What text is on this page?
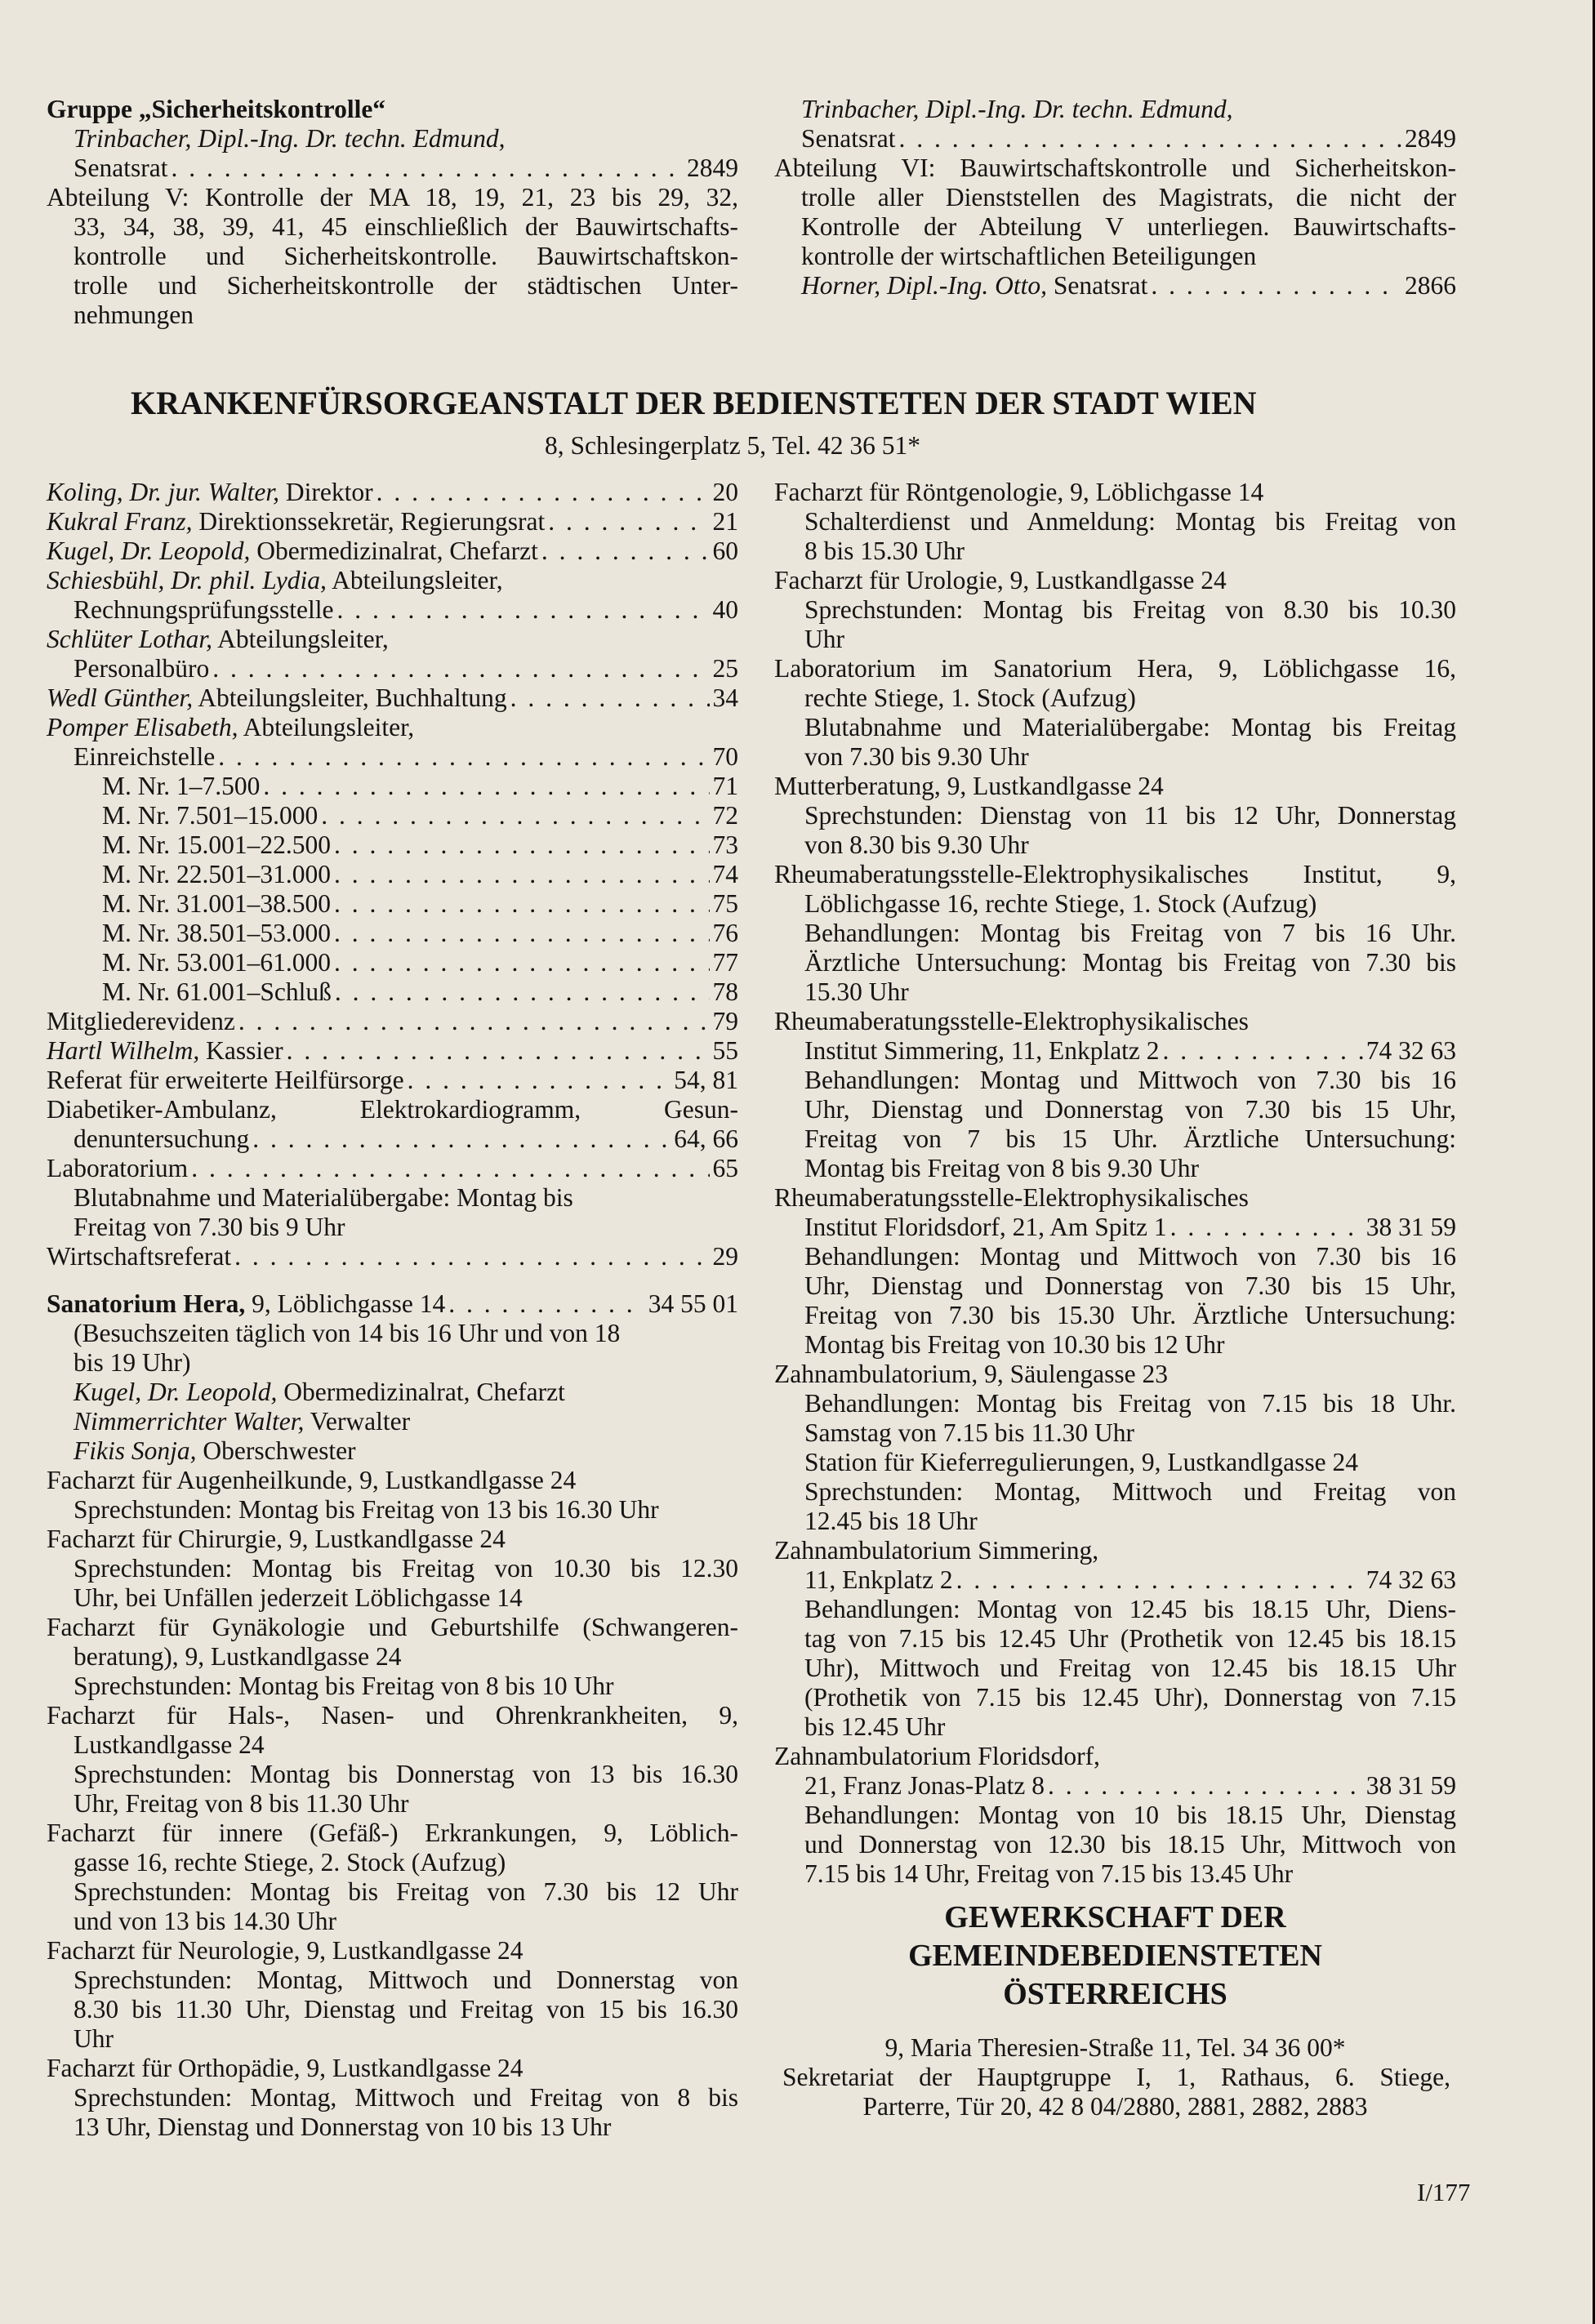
Gruppe „Sicherheitskontrolle“
Trinbacher, Dipl.-Ing. Dr. techn. Edmund,
Senatsrat . . .	2849
Abteilung V: Kontrolle der MA 18, 19, 21, 23 bis 29, 32,
33, 34, 38, 39, 41, 45 einschließlich der Bauwirtschafts-
kontrolle und Sicherheitskontrolle. Bauwirtschaftskon-
trolle und Sicherheitskontrolle der städtischen Unter-
nehmungen
Trinbacher, Dipl.-Ing. Dr. techn. Edmund,
Senatsrat . . .	2849
Abteilung VI: Bauwirtschaftskontrolle und Sicherheitskon-
trolle aller Dienststellen des Magistrats, die nicht der
Kontrolle der Abteilung V unterliegen. Bauwirtschafts-
kontrolle der wirtschaftlichen Beteiligungen
Horner, Dipl.-Ing. Otto, Senatsrat . . .	2866
KRANKENFÜRSORGEANSTALT DER BEDIENSTETEN DER STADT WIEN
8, Schlesingerplatz 5, Tel. 42 36 51*
Koling, Dr. jur. Walter, Direktor . . .	20
Kukral Franz, Direktionssekretär, Regierungsrat . . .	21
Kugel, Dr. Leopold, Obermedizinalrat, Chefarzt . . .	60
Schiesbühl, Dr. phil. Lydia, Abteilungsleiter,
Rechnungsprüfungsstelle . . .	40
Schlüter Lothar, Abteilungsleiter,
Personalbüro . . .	25
Wedl Günther, Abteilungsleiter, Buchhaltung . . .	34
Pomper Elisabeth, Abteilungsleiter,
Einreichstelle . . .	70
M. Nr. 1–7.500 . . .	71
M. Nr. 7.501–15.000 . . .	72
M. Nr. 15.001–22.500 . . .	73
M. Nr. 22.501–31.000 . . .	74
M. Nr. 31.001–38.500 . . .	75
M. Nr. 38.501–53.000 . . .	76
M. Nr. 53.001–61.000 . . .	77
M. Nr. 61.001–Schluß . . .	78
Mitgliederevidenz . . .	79
Hartl Wilhelm, Kassier . . .	55
Referat für erweiterte Heilfürsorge . . .	54, 81
Diabetiker-Ambulanz, Elektrokardiogramm, Gesun-
denuntersuchung . . .	64, 66
Laboratorium . . .	65
Blutabnahme und Materialübergabe: Montag bis
Freitag von 7.30 bis 9 Uhr
Wirtschaftsreferat . . .	29
Sanatorium Hera, 9, Löblichgasse 14 . . .	34 55 01
(Besuchszeiten täglich von 14 bis 16 Uhr und von 18
bis 19 Uhr)
Kugel, Dr. Leopold, Obermedizinalrat, Chefarzt
Nimmerrichter Walter, Verwalter
Fikis Sonja, Oberschwester
Facharzt für Augenheilkunde, 9, Lustkandlgasse 24
Sprechstunden: Montag bis Freitag von 13 bis 16.30 Uhr
Facharzt für Chirurgie, 9, Lustkandlgasse 24
Sprechstunden: Montag bis Freitag von 10.30 bis 12.30
Uhr, bei Unfällen jederzeit Löblichgasse 14
Facharzt für Gynäkologie und Geburtshilfe (Schwangeren-
beratung), 9, Lustkandlgasse 24
Sprechstunden: Montag bis Freitag von 8 bis 10 Uhr
Facharzt für Hals-, Nasen- und Ohrenkrankheiten, 9,
Lustkandlgasse 24
Sprechstunden: Montag bis Donnerstag von 13 bis 16.30
Uhr, Freitag von 8 bis 11.30 Uhr
Facharzt für innere (Gefäß-) Erkrankungen, 9, Löblich-
gasse 16, rechte Stiege, 2. Stock (Aufzug)
Sprechstunden: Montag bis Freitag von 7.30 bis 12 Uhr
und von 13 bis 14.30 Uhr
Facharzt für Neurologie, 9, Lustkandlgasse 24
Sprechstunden: Montag, Mittwoch und Donnerstag von
8.30 bis 11.30 Uhr, Dienstag und Freitag von 15 bis 16.30
Uhr
Facharzt für Orthopädie, 9, Lustkandlgasse 24
Sprechstunden: Montag, Mittwoch und Freitag von 8 bis
13 Uhr, Dienstag und Donnerstag von 10 bis 13 Uhr
Facharzt für Röntgenologie, 9, Löblichgasse 14
Schalterdienst und Anmeldung: Montag bis Freitag von
8 bis 15.30 Uhr
Facharzt für Urologie, 9, Lustkandlgasse 24
Sprechstunden: Montag bis Freitag von 8.30 bis 10.30
Uhr
Laboratorium im Sanatorium Hera, 9, Löblichgasse 16,
rechte Stiege, 1. Stock (Aufzug)
Blutabnahme und Materialübergabe: Montag bis Freitag
von 7.30 bis 9.30 Uhr
Mutterberatung, 9, Lustkandlgasse 24
Sprechstunden: Dienstag von 11 bis 12 Uhr, Donnerstag
von 8.30 bis 9.30 Uhr
Rheumaberatungsstelle-Elektrophysikalisches Institut, 9,
Löblichgasse 16, rechte Stiege, 1. Stock (Aufzug)
Behandlungen: Montag bis Freitag von 7 bis 16 Uhr.
Ärztliche Untersuchung: Montag bis Freitag von 7.30 bis
15.30 Uhr
Rheumaberatungsstelle-Elektrophysikalisches
Institut Simmering, 11, Enkplatz 2 . . .	74 32 63
Behandlungen: Montag und Mittwoch von 7.30 bis 16
Uhr, Dienstag und Donnerstag von 7.30 bis 15 Uhr,
Freitag von 7 bis 15 Uhr. Ärztliche Untersuchung:
Montag bis Freitag von 8 bis 9.30 Uhr
Rheumaberatungsstelle-Elektrophysikalisches
Institut Floridsdorf, 21, Am Spitz 1 . . .	38 31 59
Behandlungen: Montag und Mittwoch von 7.30 bis 16
Uhr, Dienstag und Donnerstag von 7.30 bis 15 Uhr,
Freitag von 7.30 bis 15.30 Uhr. Ärztliche Untersuchung:
Montag bis Freitag von 10.30 bis 12 Uhr
Zahnambulatorium, 9, Säulengasse 23
Behandlungen: Montag bis Freitag von 7.15 bis 18 Uhr.
Samstag von 7.15 bis 11.30 Uhr
Station für Kieferregulierungen, 9, Lustkandlgasse 24
Sprechstunden: Montag, Mittwoch und Freitag von
12.45 bis 18 Uhr
Zahnambulatorium Simmering,
11, Enkplatz 2 . . .	74 32 63
Behandlungen: Montag von 12.45 bis 18.15 Uhr, Diens-
tag von 7.15 bis 12.45 Uhr (Prothetik von 12.45 bis 18.15
Uhr), Mittwoch und Freitag von 12.45 bis 18.15 Uhr
(Prothetik von 7.15 bis 12.45 Uhr), Donnerstag von 7.15
bis 12.45 Uhr
Zahnambulatorium Floridsdorf,
21, Franz Jonas-Platz 8 . . .	38 31 59
Behandlungen: Montag von 10 bis 18.15 Uhr, Dienstag
und Donnerstag von 12.30 bis 18.15 Uhr, Mittwoch von
7.15 bis 14 Uhr, Freitag von 7.15 bis 13.45 Uhr
GEWERKSCHAFT DER
GEMEINDEBEDIENSTETEN
ÖSTERREICHS
9, Maria Theresien-Straße 11, Tel. 34 36 00*
Sekretariat der Hauptgruppe I, 1, Rathaus, 6. Stiege,
Parterre, Tür 20, 42 8 04/2880, 2881, 2882, 2883
I/177
